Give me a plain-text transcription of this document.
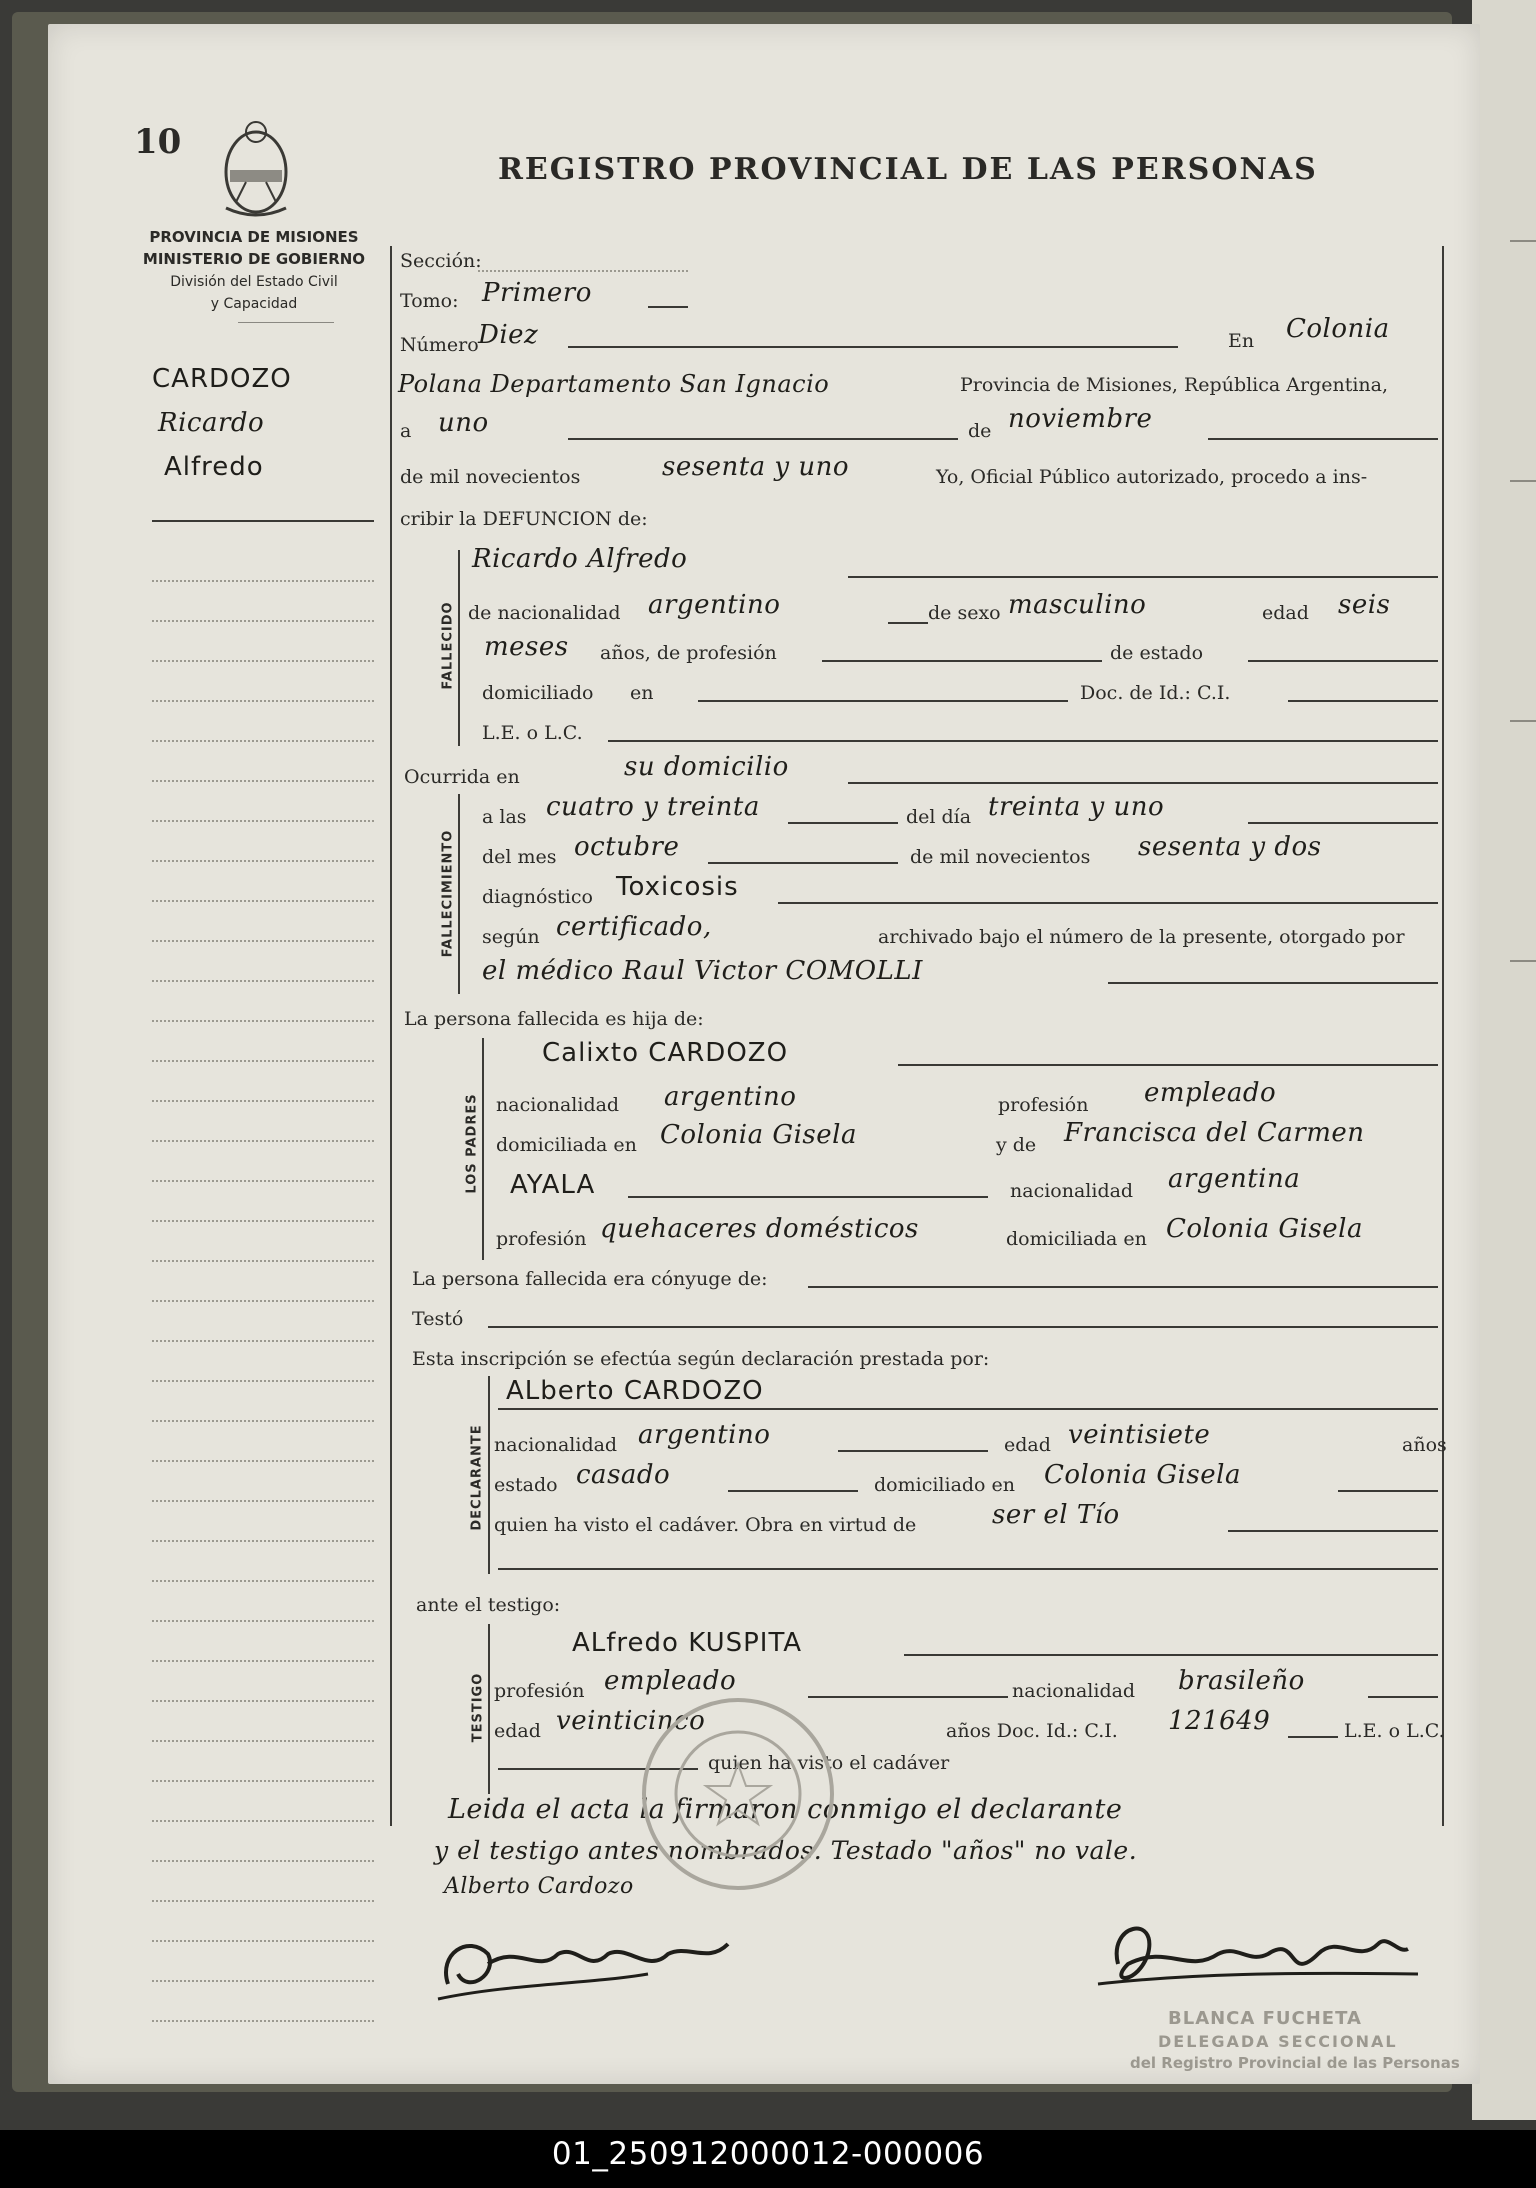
10
PROVINCIA DE MISIONES
MINISTERIO DE GOBIERNO
División del Estado Civil
y Capacidad
REGISTRO PROVINCIAL DE LAS PERSONAS
CARDOZO
Ricardo
Alfredo
Sección:
Tomo: Primero
Número Diez	En Colonia
Polana Departamento San Ignacio	Provincia de Misiones, República Argentina,
a uno	de noviembre
de mil novecientos	sesenta y uno	Yo, Oficial Público autorizado, procedo a ins-
cribir la DEFUNCION de:
FALLECIDO
Ricardo Alfredo
de nacionalidad argentino	de sexo masculino	edad seis
meses años, de profesión	de estado
domiciliado en	Doc. de Id.: C.I.
L.E. o L.C.
Ocurrida en	su domicilio
FALLECIMIENTO
a las cuatro y treinta	del día treinta y uno
del mes octubre	de mil novecientos sesenta y dos
diagnóstico Toxicosis
según certificado,	archivado bajo el número de la presente, otorgado por
el médico Raul Victor COMOLLI
La persona fallecida es hija de:
LOS PADRES
Calixto CARDOZO
nacionalidad argentino	profesión empleado
domiciliada en Colonia Gisela	y de Francisca del Carmen
AYALA	nacionalidad argentina
profesión quehaceres domésticos	domiciliada en Colonia Gisela
La persona fallecida era cónyuge de:
Testó
Esta inscripción se efectúa según declaración prestada por:
DECLARANTE
ALberto CARDOZO
nacionalidad argentino	edad veintisiete	años
estado casado	domiciliado en Colonia Gisela
quien ha visto el cadáver. Obra en virtud de	ser el Tío
ante el testigo:
TESTIGO
ALfredo KUSPITA
profesión empleado	nacionalidad brasileño
edad veinticinco	años Doc. Id.: C.I. 121649	L.E. o L.C.
quien ha visto el cadáver
Leida el acta la firmaron conmigo el declarante
y el testigo antes nombrados. Testado "años" no vale.
Alberto Cardozo
BLANCA FUCHETA
DELEGADA SECCIONAL
del Registro Provincial de las Personas
01_250912000012-000006
